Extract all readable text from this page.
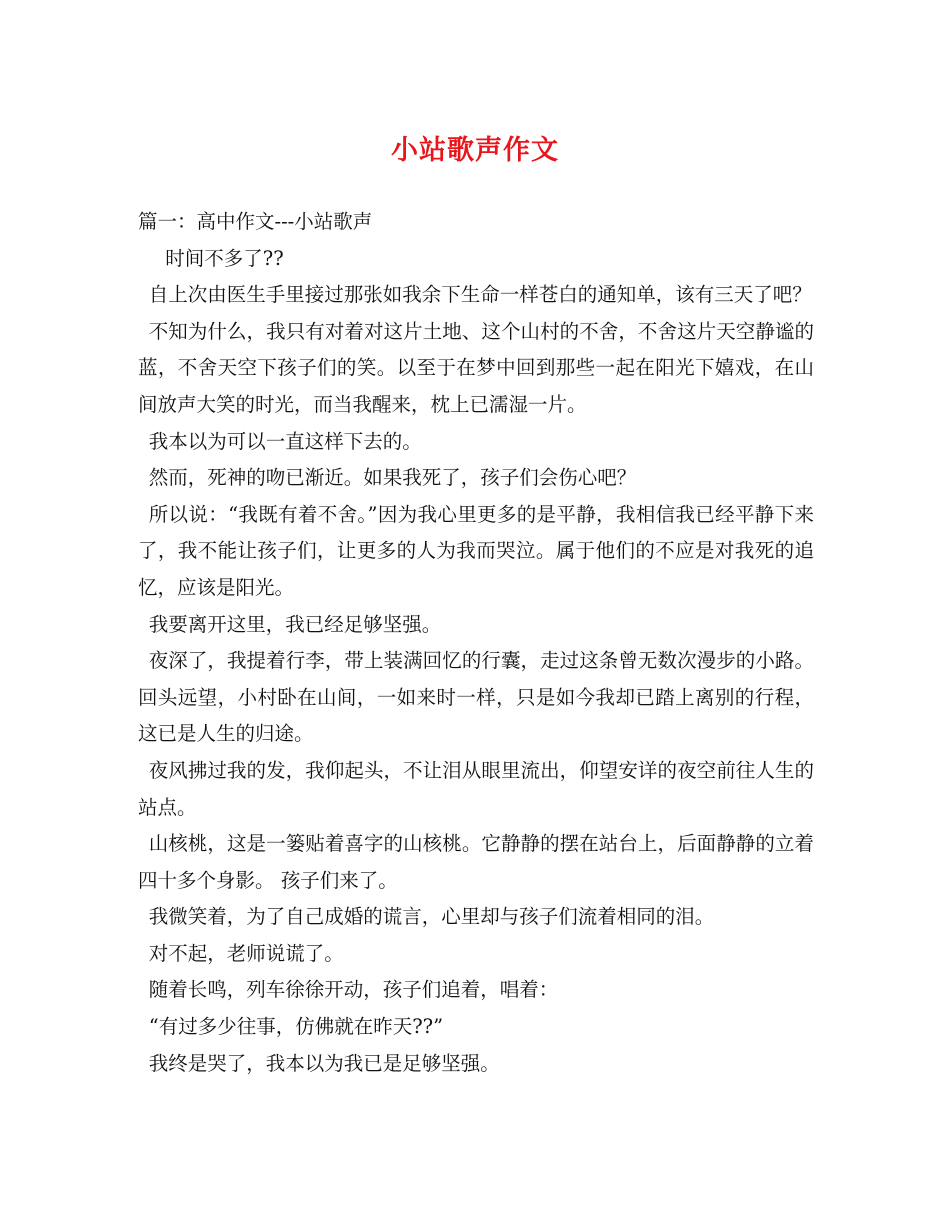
小站歌声作文

篇一：高中作文---小站歌声

时间不多了??

自上次由医生手里接过那张如我余下生命一样苍白的通知单，该有三天了吧？

不知为什么，我只有对着对这片土地、这个山村的不舍，不舍这片天空静谧的蓝，不舍天空下孩子们的笑。以至于在梦中回到那些一起在阳光下嬉戏，在山间放声大笑的时光，而当我醒来，枕上已濡湿一片。

我本以为可以一直这样下去的。

然而，死神的吻已渐近。如果我死了，孩子们会伤心吧？

所以说：“我既有着不舍。”因为我心里更多的是平静，我相信我已经平静下来了，我不能让孩子们，让更多的人为我而哭泣。属于他们的不应是对我死的追忆，应该是阳光。

我要离开这里，我已经足够坚强。

夜深了，我提着行李，带上装满回忆的行囊，走过这条曾无数次漫步的小路。回头远望，小村卧在山间，一如来时一样，只是如今我却已踏上离别的行程，这已是人生的归途。

夜风拂过我的发，我仰起头，不让泪从眼里流出，仰望安详的夜空前往人生的站点。

山核桃，这是一篓贴着喜字的山核桃。它静静的摆在站台上，后面静静的立着四十多个身影。 孩子们来了。

我微笑着，为了自己成婚的谎言，心里却与孩子们流着相同的泪。

对不起，老师说谎了。

随着长鸣，列车徐徐开动，孩子们追着，唱着：

“有过多少往事，仿佛就在昨天??”

我终是哭了，我本以为我已是足够坚强。
